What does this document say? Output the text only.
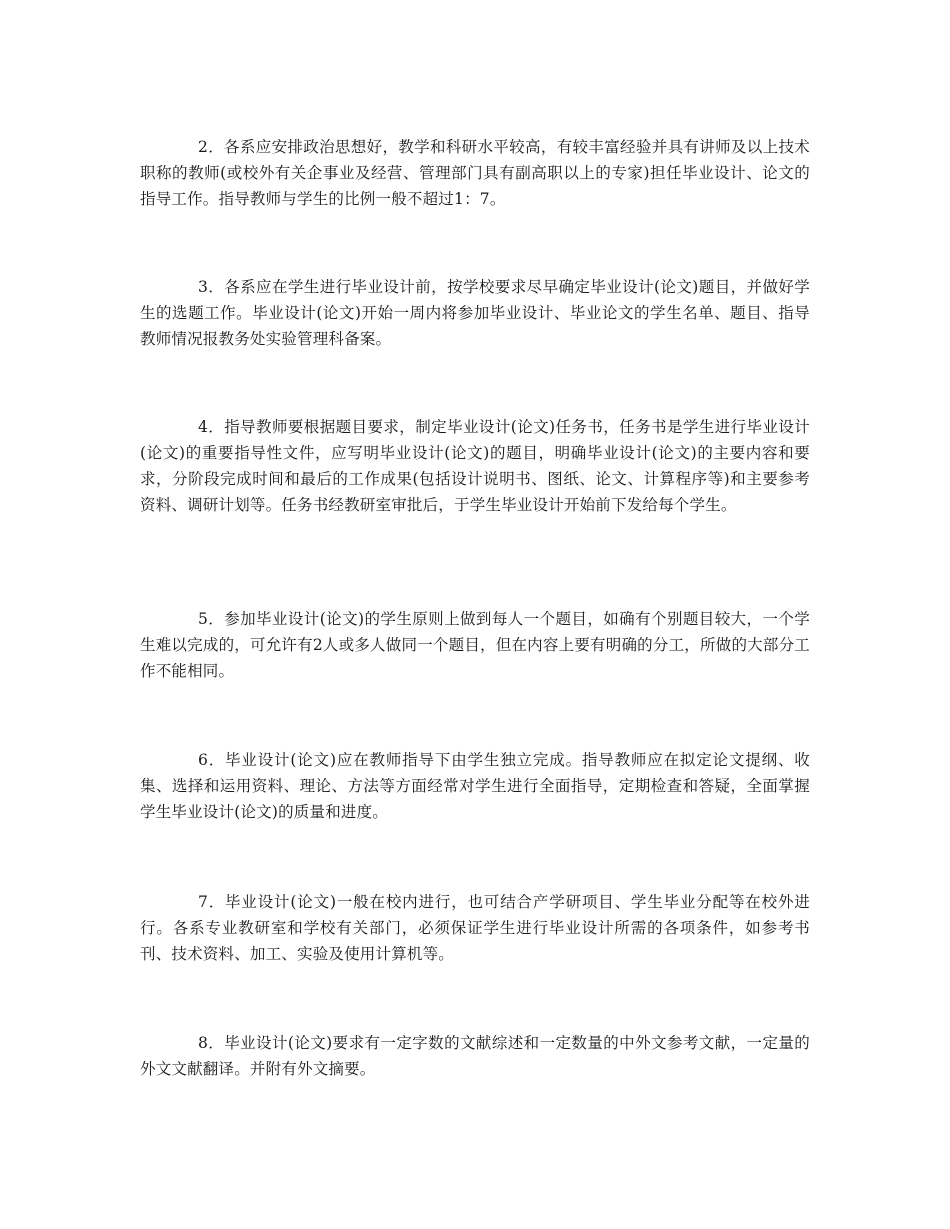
2．各系应安排政治思想好，教学和科研水平较高，有较丰富经验并具有讲师及以上技术职称的教师(或校外有关企事业及经营、管理部门具有副高职以上的专家)担任毕业设计、论文的指导工作。指导教师与学生的比例一般不超过1：7。

3．各系应在学生进行毕业设计前，按学校要求尽早确定毕业设计(论文)题目，并做好学生的选题工作。毕业设计(论文)开始一周内将参加毕业设计、毕业论文的学生名单、题目、指导教师情况报教务处实验管理科备案。

4．指导教师要根据题目要求，制定毕业设计(论文)任务书，任务书是学生进行毕业设计(论文)的重要指导性文件，应写明毕业设计(论文)的题目，明确毕业设计(论文)的主要内容和要求，分阶段完成时间和最后的工作成果(包括设计说明书、图纸、论文、计算程序等)和主要参考资料、调研计划等。任务书经教研室审批后，于学生毕业设计开始前下发给每个学生。

5．参加毕业设计(论文)的学生原则上做到每人一个题目，如确有个别题目较大，一个学生难以完成的，可允许有2人或多人做同一个题目，但在内容上要有明确的分工，所做的大部分工作不能相同。

6．毕业设计(论文)应在教师指导下由学生独立完成。指导教师应在拟定论文提纲、收集、选择和运用资料、理论、方法等方面经常对学生进行全面指导，定期检查和答疑，全面掌握学生毕业设计(论文)的质量和进度。

7．毕业设计(论文)一般在校内进行，也可结合产学研项目、学生毕业分配等在校外进行。各系专业教研室和学校有关部门，必须保证学生进行毕业设计所需的各项条件，如参考书刊、技术资料、加工、实验及使用计算机等。

8．毕业设计(论文)要求有一定字数的文献综述和一定数量的中外文参考文献，一定量的外文文献翻译。并附有外文摘要。
